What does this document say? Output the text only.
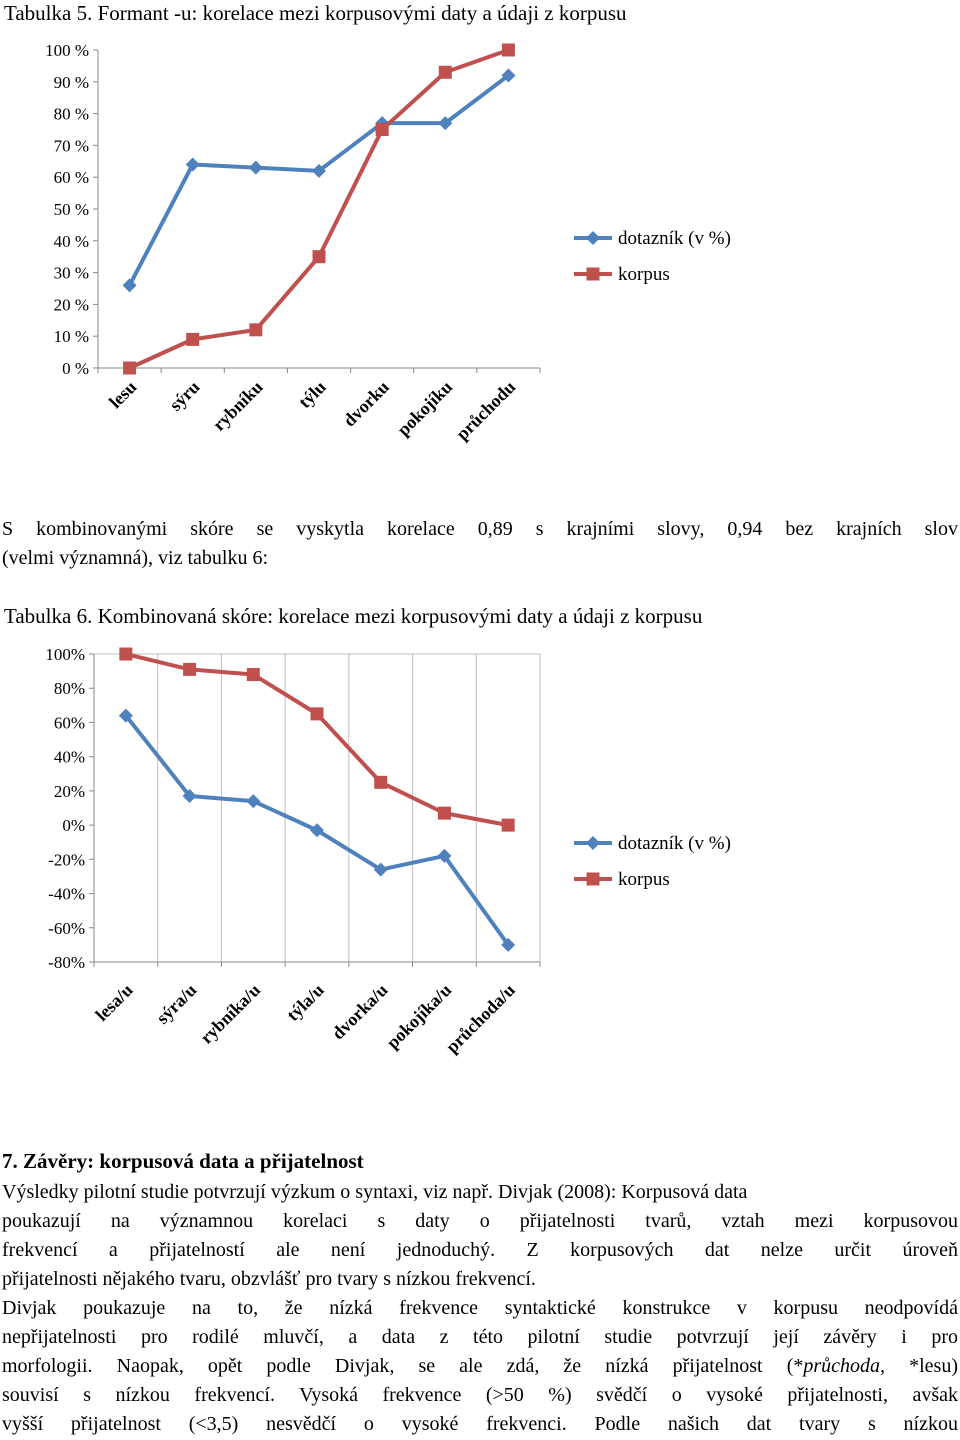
Tabulka 5. Formant -u: korelace mezi korpusovými daty a údaji z korpusu
0 %
10 %
20 %
30 %
40 %
50 %
60 %
70 %
80 %
90 %
100 %
lesu sýru rybníku týlu dvorku pokojíku
průchodu
dotazník (v %)
korpus
S kombinovanými skóre se vyskytla korelace 0,89 s krajními slovy, 0,94 bez krajních slov
(velmi významná), viz tabulku 6:
Tabulka 6. Kombinovaná skóre: korelace mezi korpusovými daty a údaji z korpusu
-80%
-60%
-40%
-20%
0%
20%
40%
60%
80%
100%
lesa/u sýra/u
rybníka/u týla/u dvorka/u
pokojíka/u
průchoda/u
dotazník (v %)
korpus
7. Závěry: korpusová data a přijatelnost
Výsledky pilotní studie potvrzují výzkum o syntaxi, viz např. Divjak (2008): Korpusová data
poukazují na významnou korelaci s daty o přijatelnosti tvarů, vztah mezi korpusovou
frekvencí a přijatelností ale není jednoduchý. Z korpusových dat nelze určit úroveň
přijatelnosti nějakého tvaru, obzvlášť pro tvary s nízkou frekvencí.
Divjak poukazuje na to, že nízká frekvence syntaktické konstrukce v korpusu neodpovídá
nepřijatelnosti pro rodilé mluvčí, a data z této pilotní studie potvrzují její závěry i pro
morfologii. Naopak, opět podle Divjak, se ale zdá, že nízká přijatelnost (*průchoda, *lesu)
souvisí s nízkou frekvencí. Vysoká frekvence (>50 %) svědčí o vysoké přijatelnosti, avšak
vyšší přijatelnost (<3,5) nesvědčí o vysoké frekvenci. Podle našich dat tvary s nízkou
